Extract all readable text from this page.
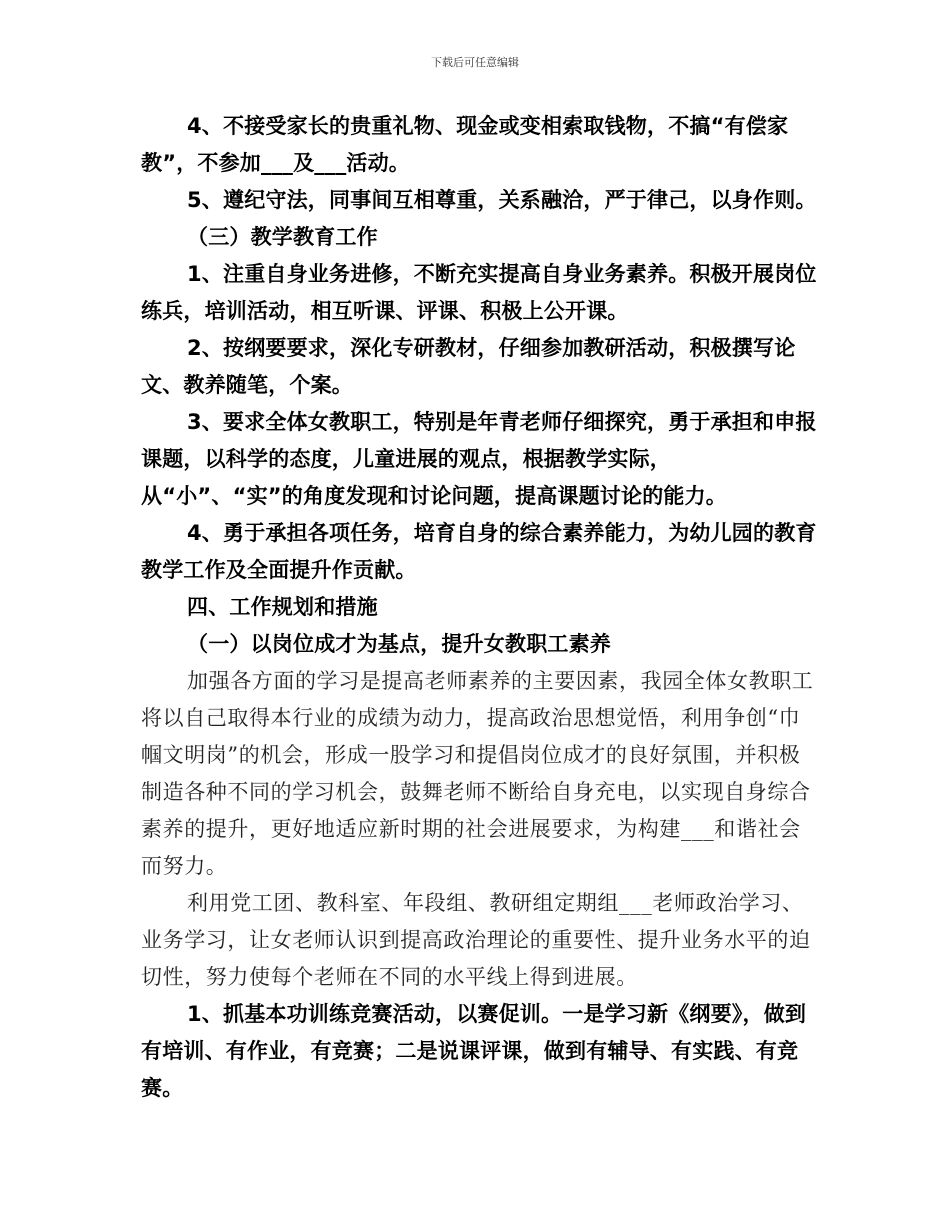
下载后可任意编辑

4、不接受家长的贵重礼物、现金或变相索取钱物，不搞“有偿家教”，不参加___及___活动。

5、遵纪守法，同事间互相尊重，关系融洽，严于律己，以身作则。

（三）教学教育工作

1、注重自身业务进修，不断充实提高自身业务素养。积极开展岗位练兵，培训活动，相互听课、评课、积极上公开课。

2、按纲要要求，深化专研教材，仔细参加教研活动，积极撰写论文、教养随笔，个案。

3、要求全体女教职工，特别是年青老师仔细探究，勇于承担和申报课题，以科学的态度，儿童进展的观点，根据教学实际，从“小”、“实”的角度发现和讨论问题，提高课题讨论的能力。

4、勇于承担各项任务，培育自身的综合素养能力，为幼儿园的教育教学工作及全面提升作贡献。

四、工作规划和措施

（一）以岗位成才为基点，提升女教职工素养

加强各方面的学习是提高老师素养的主要因素，我园全体女教职工将以自己取得本行业的成绩为动力，提高政治思想觉悟，利用争创“巾帼文明岗”的机会，形成一股学习和提倡岗位成才的良好氛围，并积极制造各种不同的学习机会，鼓舞老师不断给自身充电，以实现自身综合素养的提升，更好地适应新时期的社会进展要求，为构建___和谐社会而努力。

利用党工团、教科室、年段组、教研组定期组___老师政治学习、业务学习，让女老师认识到提高政治理论的重要性、提升业务水平的迫切性，努力使每个老师在不同的水平线上得到进展。

1、抓基本功训练竞赛活动，以赛促训。一是学习新《纲要》，做到有培训、有作业，有竞赛；二是说课评课，做到有辅导、有实践、有竞赛。
